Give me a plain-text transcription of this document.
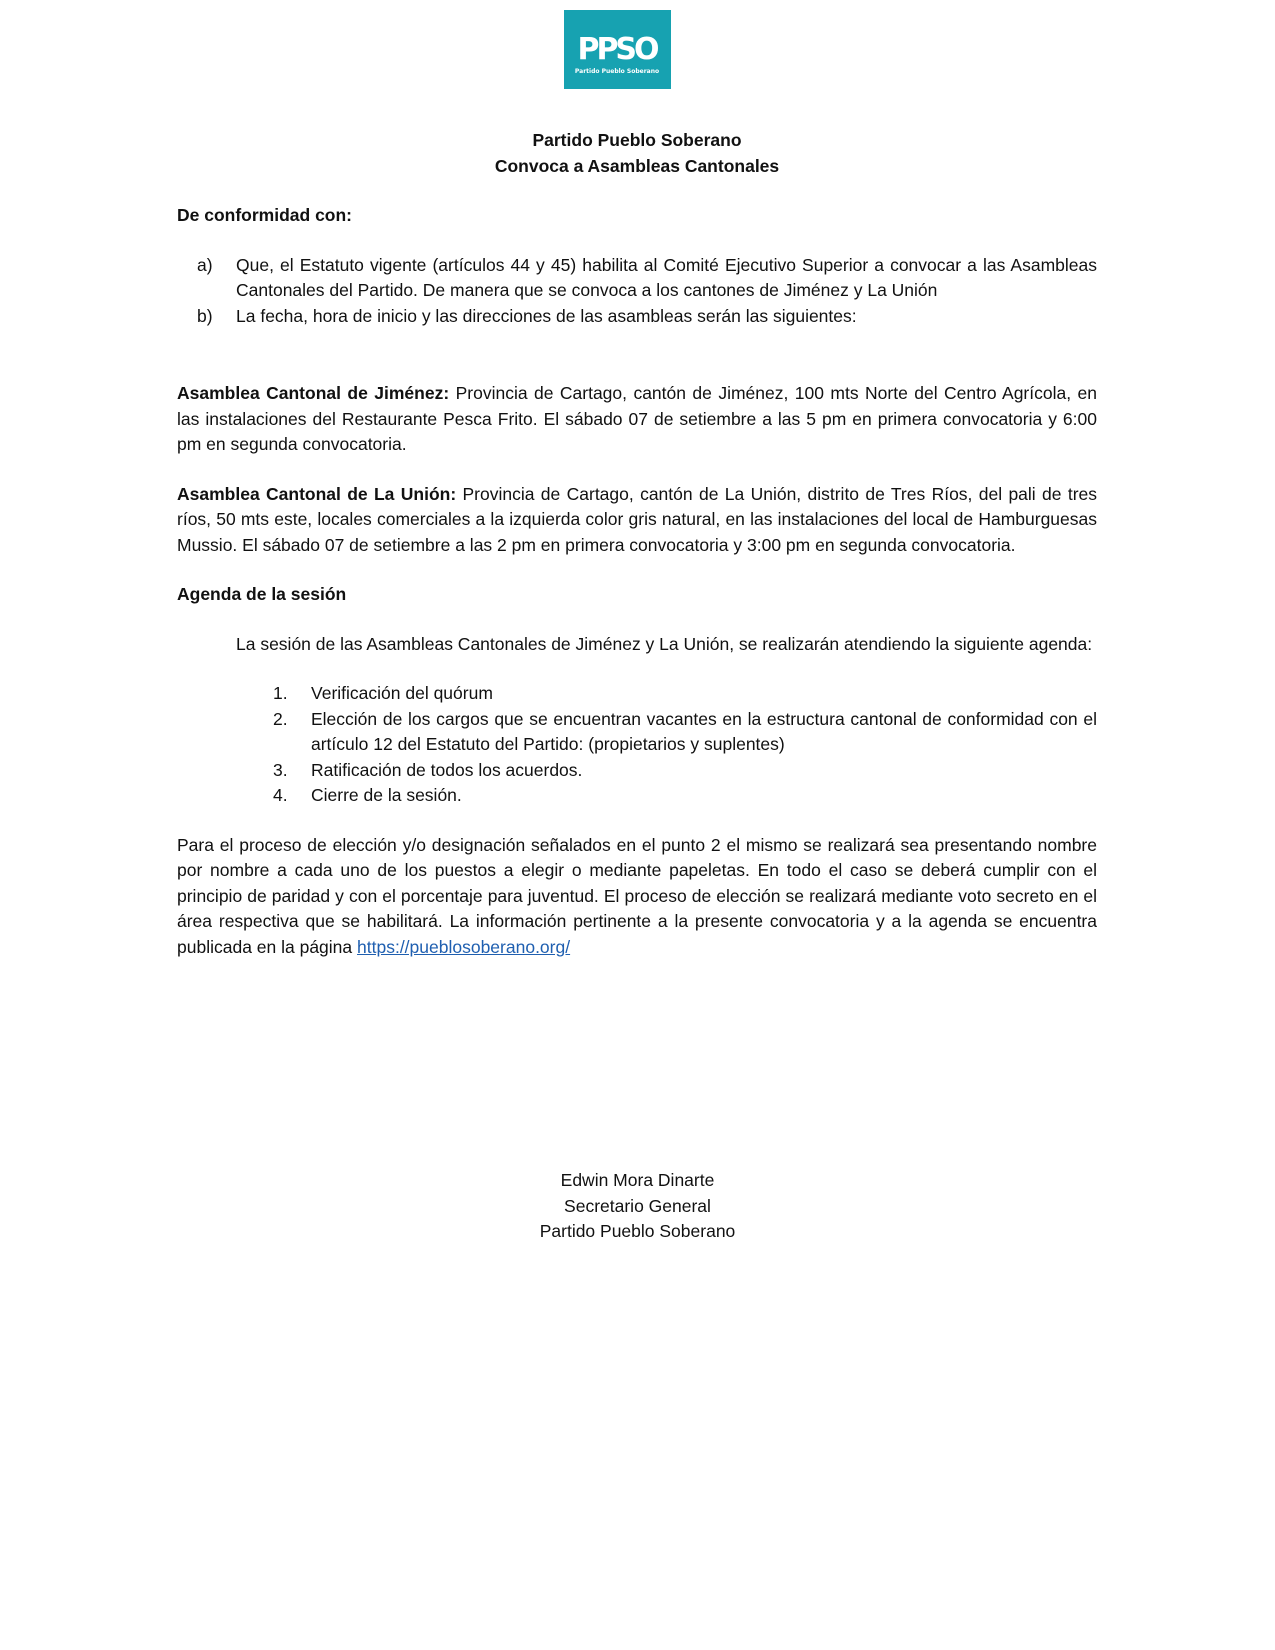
PPSO
Partido Pueblo Soberano

Partido Pueblo Soberano

Convoca a Asambleas Cantonales

De conformidad con:

a) Que, el Estatuto vigente (artículos 44 y 45) habilita al Comité Ejecutivo Superior a convocar a las Asambleas Cantonales del Partido. De manera que se convoca a los cantones de Jiménez y La Unión
b) La fecha, hora de inicio y las direcciones de las asambleas serán las siguientes:

Asamblea Cantonal de Jiménez: Provincia de Cartago, cantón de Jiménez, 100 mts Norte del Centro Agrícola, en las instalaciones del Restaurante Pesca Frito. El sábado 07 de setiembre a las 5 pm en primera convocatoria y 6:00 pm en segunda convocatoria.

Asamblea Cantonal de La Unión: Provincia de Cartago, cantón de La Unión, distrito de Tres Ríos, del pali de tres ríos, 50 mts este, locales comerciales a la izquierda color gris natural, en las instalaciones del local de Hamburguesas Mussio. El sábado 07 de setiembre a las 2 pm en primera convocatoria y 3:00 pm en segunda convocatoria.

Agenda de la sesión

La sesión de las Asambleas Cantonales de Jiménez y La Unión, se realizarán atendiendo la siguiente agenda:

1. Verificación del quórum
2. Elección de los cargos que se encuentran vacantes en la estructura cantonal de conformidad con el artículo 12 del Estatuto del Partido: (propietarios y suplentes)
3. Ratificación de todos los acuerdos.
4. Cierre de la sesión.

Para el proceso de elección y/o designación señalados en el punto 2 el mismo se realizará sea presentando nombre por nombre a cada uno de los puestos a elegir o mediante papeletas. En todo el caso se deberá cumplir con el principio de paridad y con el porcentaje para juventud. El proceso de elección se realizará mediante voto secreto en el área respectiva que se habilitará. La información pertinente a la presente convocatoria y a la agenda se encuentra publicada en la página https://pueblosoberano.org/

Edwin Mora Dinarte

Secretario General

Partido Pueblo Soberano
